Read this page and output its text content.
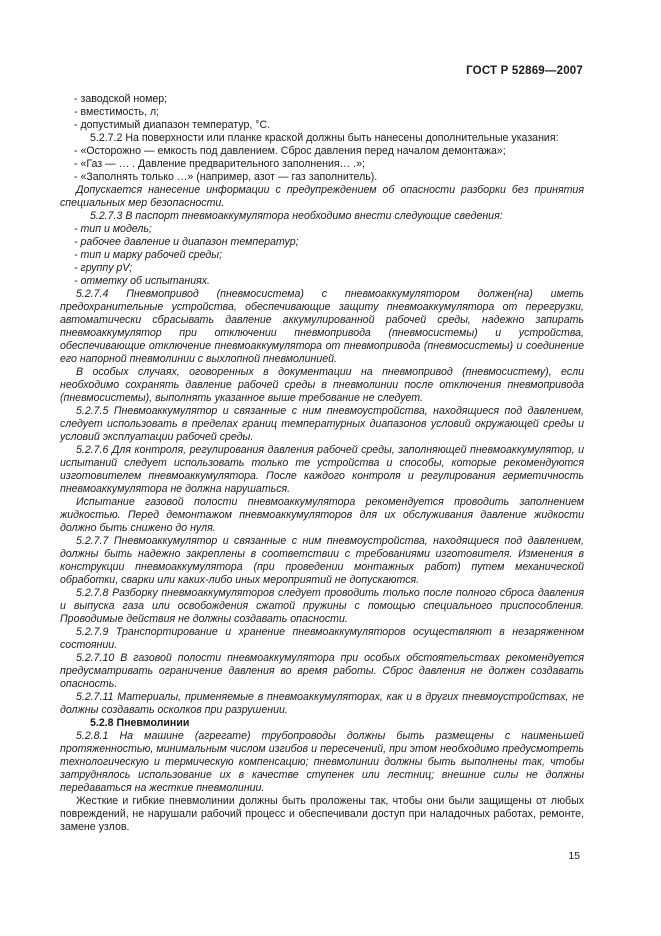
ГОСТ Р 52869—2007
- заводской номер;
- вместимость, л;
- допустимый диапазон температур, °С.

5.2.7.2 На поверхности или планке краской должны быть нанесены дополнительные указания:

- «Осторожно — емкость под давлением. Сброс давления перед началом демонтажа»;
- «Газ — … . Давление предварительного заполнения… .»;
- «Заполнять только …» (например, азот — газ заполнитель).

Допускается нанесение информации с предупреждением об опасности разборки без принятия специальных мер безопасности.

5.2.7.3 В паспорт пневмоаккумулятора необходимо внести следующие сведения:

- тип и модель;
- рабочее давление и диапазон температур;
- тип и марку рабочей среды;
- группу pV;
- отметку об испытаниях.

5.2.7.4 Пневмопривод (пневмосистема) с пневмоаккумулятором должен(на) иметь предохранительные устройства, обеспечивающие защиту пневмоаккумулятора от перегрузки, автоматически сбрасывать давление аккумулированной рабочей среды, надежно запирать пневмоаккумулятор при отключении пневмопривода (пневмосистемы) и устройства, обеспечивающие отключение пневмоаккумулятора от пневмопривода (пневмосистемы) и соединение его напорной пневмолинии с выхлопной пневмолинией.

В особых случаях, оговоренных в документации на пневмопривод (пневмосистему), если необходимо сохранять давление рабочей среды в пневмолинии после отключения пневмопривода (пневмосистемы), выполнять указанное выше требование не следует.

5.2.7.5 Пневмоаккумулятор и связанные с ним пневмоустройства, находящиеся под давлением, следует использовать в пределах границ температурных диапазонов условий окружающей среды и условий эксплуатации рабочей среды.

5.2.7.6 Для контроля, регулирования давления рабочей среды, заполняющей пневмоаккумулятор, и испытаний следует использовать только те устройства и способы, которые рекомендуются изготовителем пневмоаккумулятора. После каждого контроля и регулирования герметичность пневмоаккумулятора не должна нарушаться.

Испытание газовой полости пневмоаккумулятора рекомендуется проводить заполнением жидкостью. Перед демонтажом пневмоаккумуляторов для их обслуживания давление жидкости должно быть снижено до нуля.

5.2.7.7 Пневмоаккумулятор и связанные с ним пневмоустройства, находящиеся под давлением, должны быть надежно закреплены в соответствии с требованиями изготовителя. Изменения в конструкции пневмоаккумулятора (при проведении монтажных работ) путем механической обработки, сварки или каких-либо иных мероприятий не допускаются.

5.2.7.8 Разборку пневмоаккумуляторов следует проводить только после полного сброса давления и выпуска газа или освобождения сжатой пружины с помощью специального приспособления. Проводимые действия не должны создавать опасности.

5.2.7.9 Транспортирование и хранение пневмоаккумуляторов осуществляют в незаряженном состоянии.

5.2.7.10 В газовой полости пневмоаккумулятора при особых обстоятельствах рекомендуется предусматривать ограничение давления во время работы. Сброс давления не должен создавать опасность.

5.2.7.11 Материалы, применяемые в пневмоаккумуляторах, как и в других пневмоустройствах, не должны создавать осколков при разрушении.

5.2.8 Пневмолинии

5.2.8.1 На машине (агрегате) трубопроводы должны быть размещены с наименьшей протяженностью, минимальным числом изгибов и пересечений, при этом необходимо предусмотреть технологическую и термическую компенсацию; пневмолинии должны быть выполнены так, чтобы затруднялось использование их в качестве ступенек или лестниц; внешние силы не должны передаваться на жесткие пневмолинии.

Жесткие и гибкие пневмолинии должны быть проложены так, чтобы они были защищены от любых повреждений, не нарушали рабочий процесс и обеспечивали доступ при наладочных работах, ремонте, замене узлов.

15
